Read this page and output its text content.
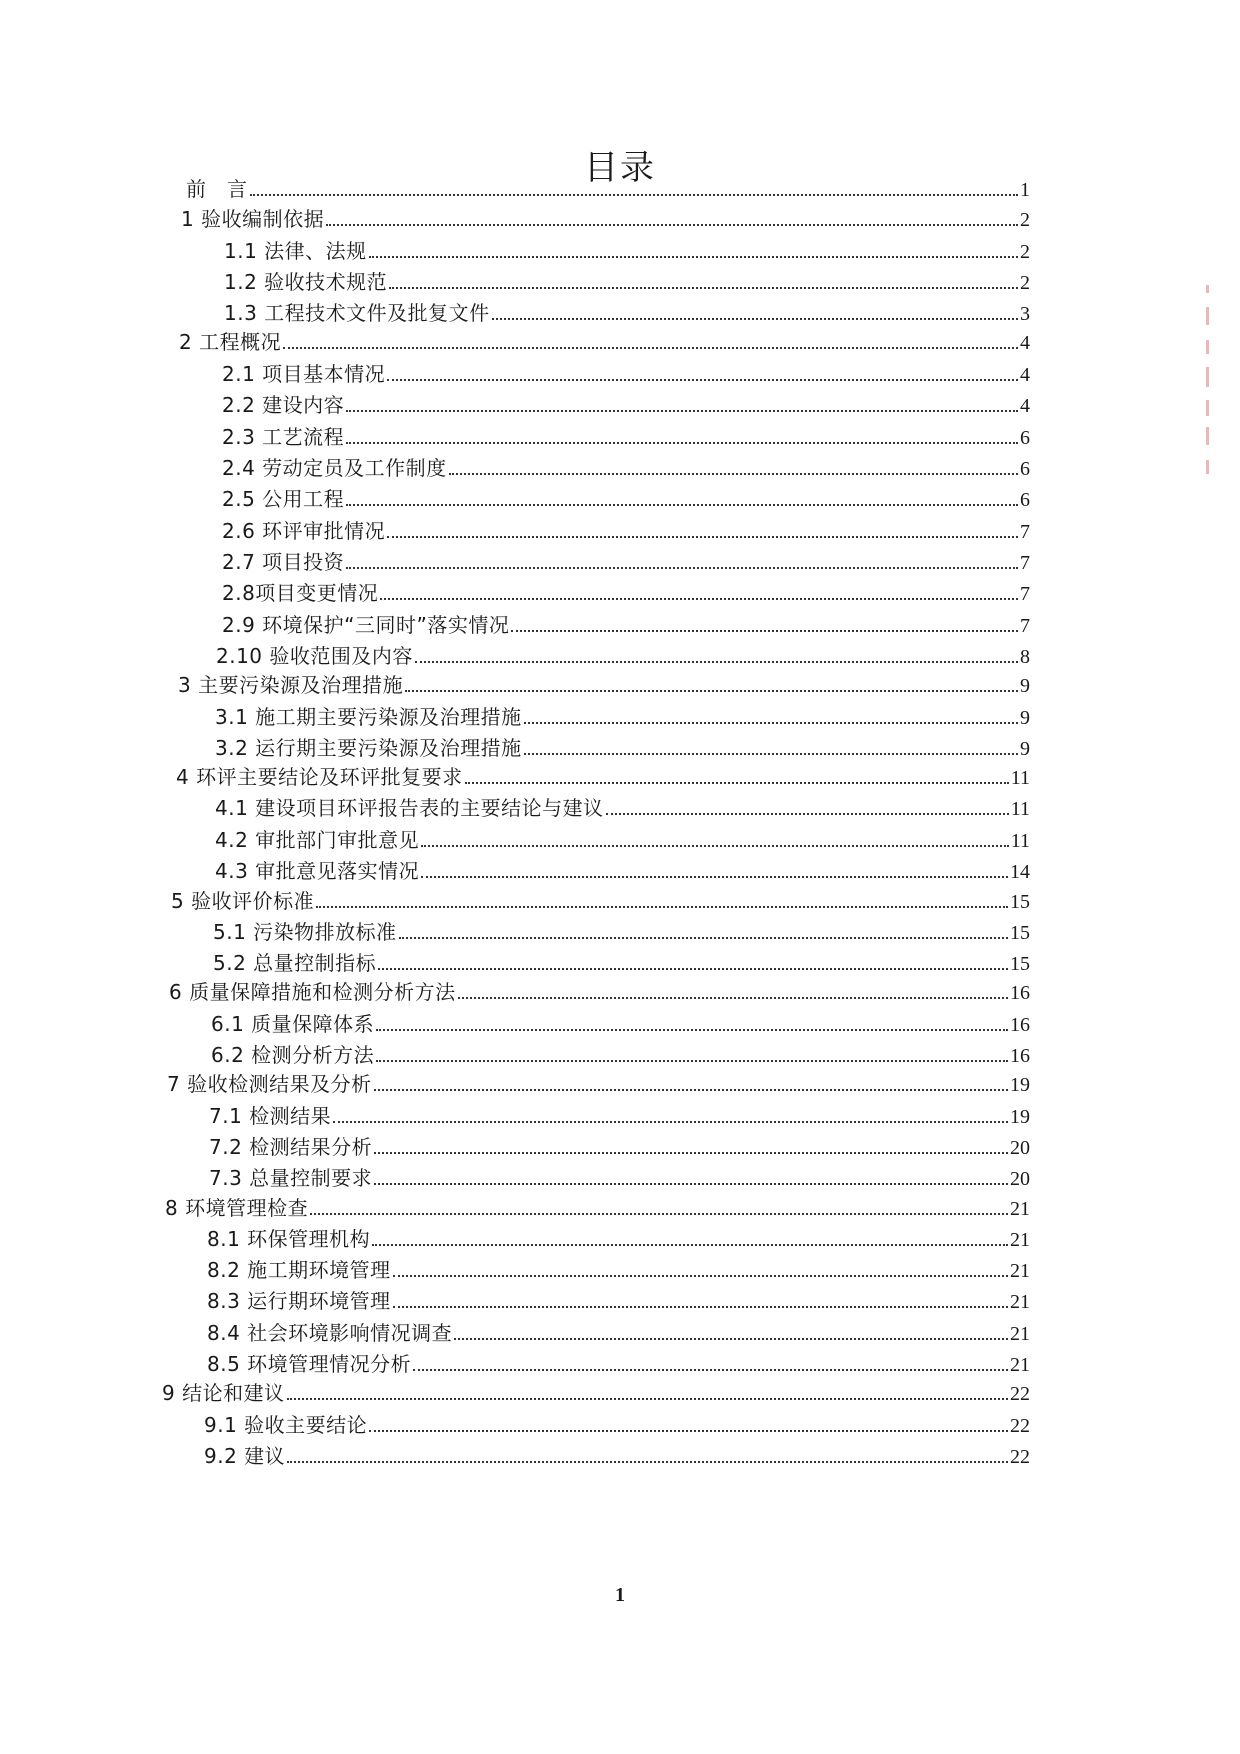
目录
前　言	1
1 验收编制依据	2
1.1 法律、法规	2
1.2 验收技术规范	2
1.3 工程技术文件及批复文件	3
2 工程概况	4
2.1 项目基本情况	4
2.2 建设内容	4
2.3 工艺流程	6
2.4 劳动定员及工作制度	6
2.5 公用工程	6
2.6 环评审批情况	7
2.7 项目投资	7
2.8项目变更情况	7
2.9 环境保护“三同时”落实情况	7
2.10 验收范围及内容	8
3 主要污染源及治理措施	9
3.1 施工期主要污染源及治理措施	9
3.2 运行期主要污染源及治理措施	9
4 环评主要结论及环评批复要求	11
4.1 建设项目环评报告表的主要结论与建议	11
4.2 审批部门审批意见	11
4.3 审批意见落实情况	14
5 验收评价标准	15
5.1 污染物排放标准	15
5.2 总量控制指标	15
6 质量保障措施和检测分析方法	16
6.1 质量保障体系	16
6.2 检测分析方法	16
7 验收检测结果及分析	19
7.1 检测结果	19
7.2 检测结果分析	20
7.3 总量控制要求	20
8 环境管理检查	21
8.1 环保管理机构	21
8.2 施工期环境管理	21
8.3 运行期环境管理	21
8.4 社会环境影响情况调查	21
8.5 环境管理情况分析	21
9 结论和建议	22
9.1 验收主要结论	22
9.2 建议	22
1
